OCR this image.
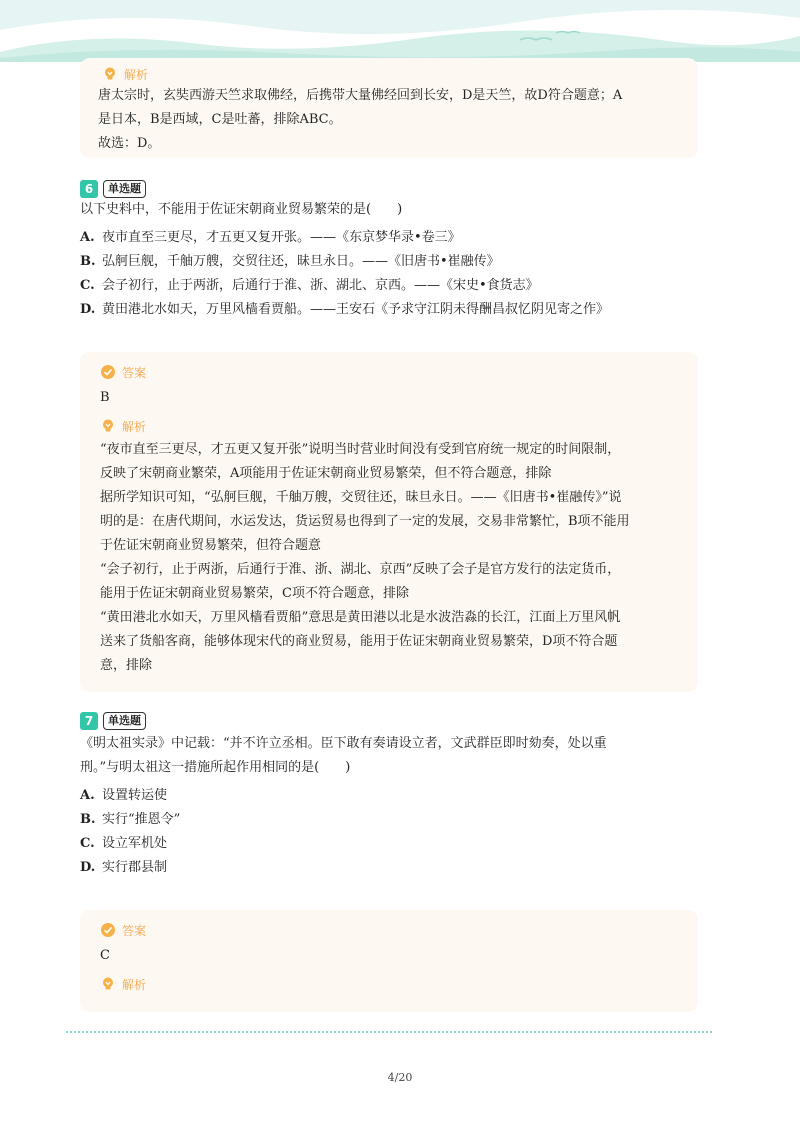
解析
唐太宗时，玄奘西游天竺求取佛经，后携带大量佛经回到长安，D是天竺，故D符合题意；A
是日本，B是西域，C是吐蕃，排除ABC。
故选：D。
6	单选题
以下史料中，不能用于佐证宋朝商业贸易繁荣的是(　　)
A. 夜市直至三更尽，才五更又复开张。——《东京梦华录•卷三》
B. 弘舸巨舰，千舳万艘，交贸往还，昧旦永日。——《旧唐书•崔融传》
C. 会子初行，止于两浙，后通行于淮、浙、湖北、京西。——《宋史•食货志》
D. 黄田港北水如天，万里风樯看贾船。——王安石《予求守江阴未得酬昌叔忆阴见寄之作》
答案
B
解析
“夜市直至三更尽，才五更又复开张”说明当时营业时间没有受到官府统一规定的时间限制，
反映了宋朝商业繁荣，A项能用于佐证宋朝商业贸易繁荣，但不符合题意，排除
据所学知识可知，“弘舸巨舰，千舳万艘，交贸往还，昧旦永日。——《旧唐书•崔融传》”说
明的是：在唐代期间，水运发达，货运贸易也得到了一定的发展，交易非常繁忙，B项不能用
于佐证宋朝商业贸易繁荣，但符合题意
“会子初行，止于两浙，后通行于淮、浙、湖北、京西”反映了会子是官方发行的法定货币，
能用于佐证宋朝商业贸易繁荣，C项不符合题意，排除
“黄田港北水如天，万里风樯看贾船”意思是黄田港以北是水波浩淼的长江，江面上万里风帆
送来了货船客商，能够体现宋代的商业贸易，能用于佐证宋朝商业贸易繁荣，D项不符合题
意，排除
7	单选题
《明太祖实录》中记载：“并不许立丞相。臣下敢有奏请设立者，文武群臣即时劾奏，处以重
刑。”与明太祖这一措施所起作用相同的是(　　)
A. 设置转运使
B. 实行“推恩令”
C. 设立军机处
D. 实行郡县制
答案
C
解析
4/20
